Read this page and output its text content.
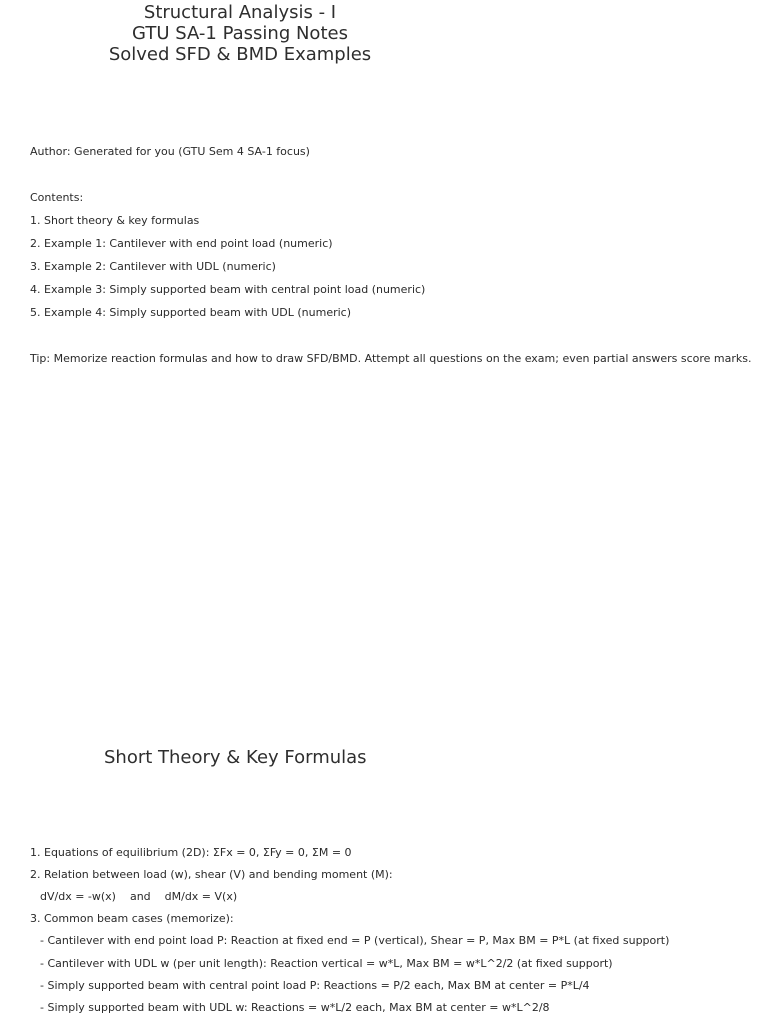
Structural Analysis - I
GTU SA-1 Passing Notes
Solved SFD & BMD Examples
Author: Generated for you (GTU Sem 4 SA-1 focus)
Contents:
1. Short theory & key formulas
2. Example 1: Cantilever with end point load (numeric)
3. Example 2: Cantilever with UDL (numeric)
4. Example 3: Simply supported beam with central point load (numeric)
5. Example 4: Simply supported beam with UDL (numeric)
Tip: Memorize reaction formulas and how to draw SFD/BMD. Attempt all questions on the exam; even partial answers score marks.
Short Theory & Key Formulas
1. Equations of equilibrium (2D): ΣFx = 0, ΣFy = 0, ΣM = 0
2. Relation between load (w), shear (V) and bending moment (M):
dV/dx = -w(x)    and    dM/dx = V(x)
3. Common beam cases (memorize):
- Cantilever with end point load P: Reaction at fixed end = P (vertical), Shear = P, Max BM = P*L (at fixed support)
- Cantilever with UDL w (per unit length): Reaction vertical = w*L, Max BM = w*L^2/2 (at fixed support)
- Simply supported beam with central point load P: Reactions = P/2 each, Max BM at center = P*L/4
- Simply supported beam with UDL w: Reactions = w*L/2 each, Max BM at center = w*L^2/8
